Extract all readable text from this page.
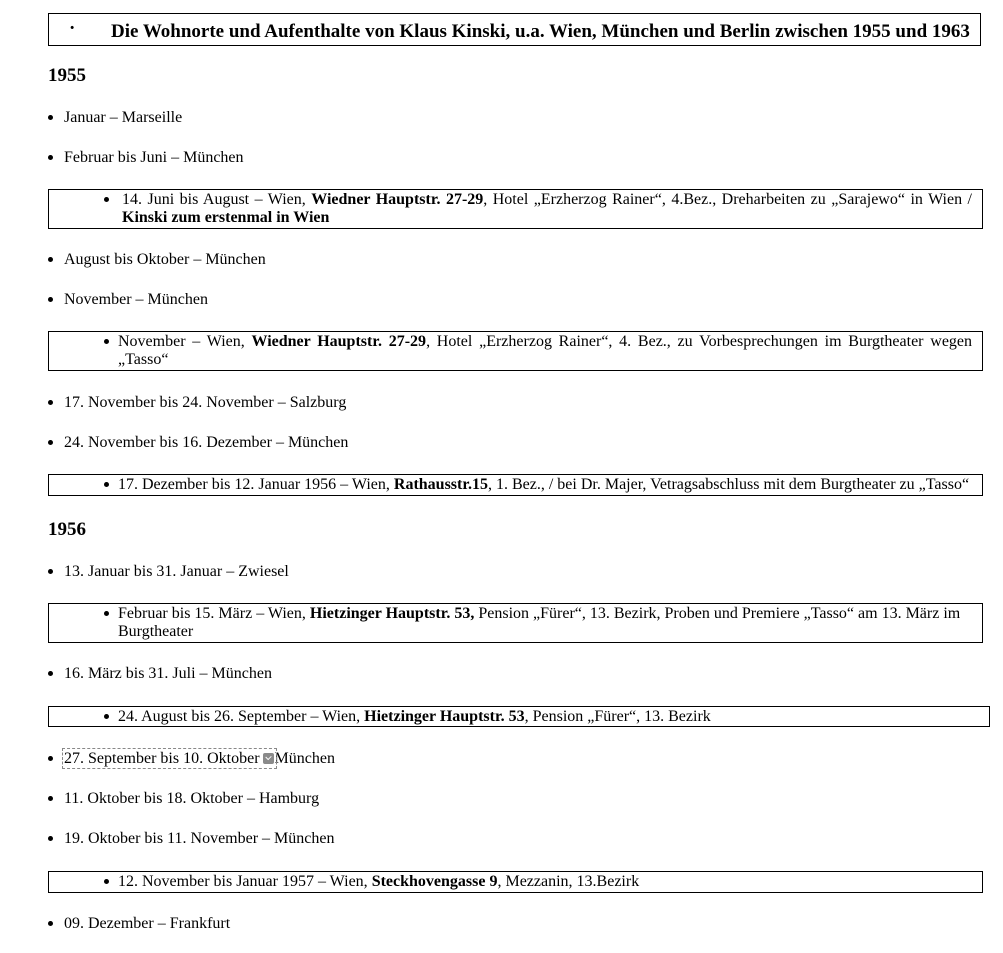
· Die Wohnorte und Aufenthalte von Klaus Kinski, u.a. Wien, München und Berlin zwischen 1955 und 1963
1955
Januar – Marseille
Februar bis Juni – München
14. Juni bis August – Wien, Wiedner Hauptstr. 27-29, Hotel „Erzherzog Rainer“, 4.Bez., Dreharbeiten zu „Sarajewo“ in Wien / Kinski zum erstenmal in Wien
August bis Oktober – München
November – München
November – Wien, Wiedner Hauptstr. 27-29, Hotel „Erzherzog Rainer“, 4. Bez., zu Vorbesprechungen im Burgtheater wegen „Tasso“
17. November bis 24. November – Salzburg
24. November bis 16. Dezember – München
17. Dezember bis 12. Januar 1956 – Wien, Rathausstr.15, 1. Bez., / bei Dr. Majer, Vetragsabschluss mit dem Burgtheater zu „Tasso“
1956
13. Januar bis 31. Januar – Zwiesel
Februar bis 15. März – Wien, Hietzinger Hauptstr. 53, Pension „Fürer“, 13. Bezirk, Proben und Premiere „Tasso“ am 13. März im Burgtheater
16. März bis 31. Juli – München
24. August bis 26. September – Wien, Hietzinger Hauptstr. 53, Pension „Fürer“, 13. Bezirk
27. September bis 10. Oktober München
11. Oktober bis 18. Oktober – Hamburg
19. Oktober bis 11. November – München
12. November bis Januar 1957 – Wien, Steckhovengasse 9, Mezzanin, 13.Bezirk
09. Dezember – Frankfurt
